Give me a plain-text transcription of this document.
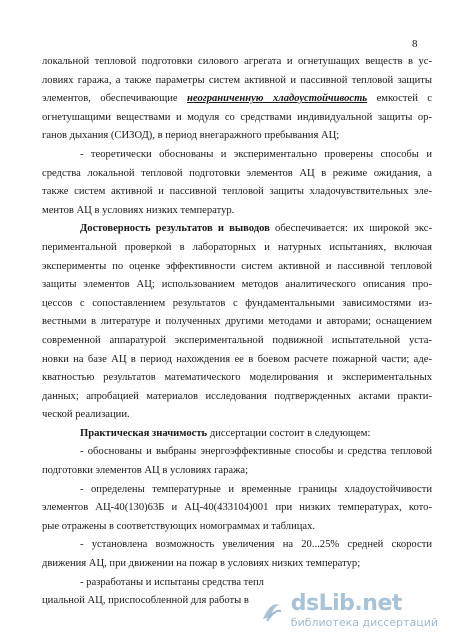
8
локальной тепловой подготовки силового агрегата и огнетушащих веществ в ус-
ловиях гаража, а также параметры систем активной и пассивной тепловой защиты
элементов, обеспечивающие неограниченную хладоустойчивость емкостей с
огнетушащими веществами и модуля со средствами индивидуальной защиты ор-
ганов дыхания (СИЗОД), в период внегаражного пребывания АЦ;
- теоретически обоснованы и экспериментально проверены способы и
средства локальной тепловой подготовки элементов АЦ в режиме ожидания, а
также систем активной и пассивной тепловой защиты хладочувствительных эле-
ментов АЦ в условиях низких температур.
Достоверность результатов и выводов обеспечивается: их широкой экс-
периментальной проверкой в лабораторных и натурных испытаниях, включая
эксперименты по оценке эффективности систем активной и пассивной тепловой
защиты элементов АЦ; использованием методов аналитического описания про-
цессов с сопоставлением результатов с фундаментальными зависимостями из-
вестными в литературе и полученных другими методами и авторами; оснащением
современной аппаратурой экспериментальной подвижной испытательной уста-
новки на базе АЦ в период нахождения ее в боевом расчете пожарной части; аде-
кватностью результатов математического моделирования и экспериментальных
данных; апробацией материалов исследования подтвержденных актами практи-
ческой реализации.
Практическая значимость диссертации состоит в следующем:
- обоснованы и выбраны энергоэффективные способы и средства тепловой
подготовки элементов АЦ в условиях гаража;
- определены температурные и временные границы хладоустойчивости
элементов АЦ-40(130)63Б и АЦ-40(433104)001 при низких температурах, кото-
рые отражены в соответствующих номограммах и таблицах.
- установлена возможность увеличения на 20...25% средней скорости
движения АЦ, при движении на пожар в условиях низких температур;
- разработаны и испытаны средства тепл
циальной АЦ, приспособленной для работы в	dsLib.net
библиотека диссертаций
